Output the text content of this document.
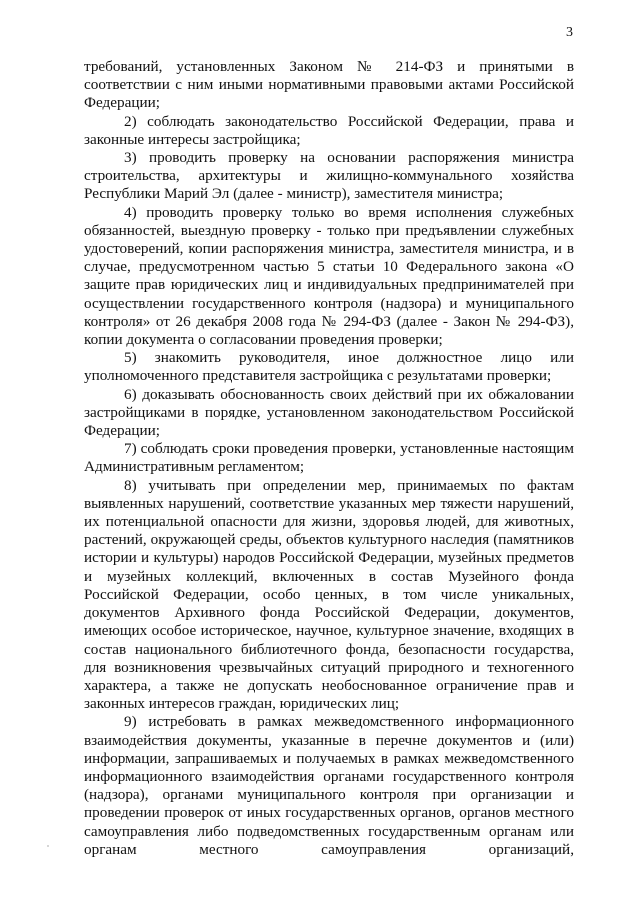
3

требований, установленных Законом № 214-ФЗ и принятыми в соответствии с ним иными нормативными правовыми актами Российской Федерации;

2) соблюдать законодательство Российской Федерации, права и законные интересы застройщика;

3) проводить проверку на основании распоряжения министра строительства, архитектуры и жилищно-коммунального хозяйства Республики Марий Эл (далее - министр), заместителя министра;

4) проводить проверку только во время исполнения служебных обязанностей, выездную проверку - только при предъявлении служебных удостоверений, копии распоряжения министра, заместителя министра, и в случае, предусмотренном частью 5 статьи 10 Федерального закона «О защите прав юридических лиц и индивидуальных предпринимателей при осуществлении государственного контроля (надзора) и муниципального контроля» от 26 декабря 2008 года № 294-ФЗ (далее - Закон № 294-ФЗ), копии документа о согласовании проведения проверки;

5) знакомить руководителя, иное должностное лицо или уполномоченного представителя застройщика с результатами проверки;

6) доказывать обоснованность своих действий при их обжаловании застройщиками в порядке, установленном законодательством Российской Федерации;

7) соблюдать сроки проведения проверки, установленные настоящим Административным регламентом;

8) учитывать при определении мер, принимаемых по фактам выявленных нарушений, соответствие указанных мер тяжести нарушений, их потенциальной опасности для жизни, здоровья людей, для животных, растений, окружающей среды, объектов культурного наследия (памятников истории и культуры) народов Российской Федерации, музейных предметов и музейных коллекций, включенных в состав Музейного фонда Российской Федерации, особо ценных, в том числе уникальных, документов Архивного фонда Российской Федерации, документов, имеющих особое историческое, научное, культурное значение, входящих в состав национального библиотечного фонда, безопасности государства, для возникновения чрезвычайных ситуаций природного и техногенного характера, а также не допускать необоснованное ограничение прав и законных интересов граждан, юридических лиц;

9) истребовать в рамках межведомственного информационного взаимодействия документы, указанные в перечне документов и (или) информации, запрашиваемых и получаемых в рамках межведомственного информационного взаимодействия органами государственного контроля (надзора), органами муниципального контроля при организации и проведении проверок от иных государственных органов, органов местного самоуправления либо подведомственных государственным органам или органам местного самоуправления организаций,
